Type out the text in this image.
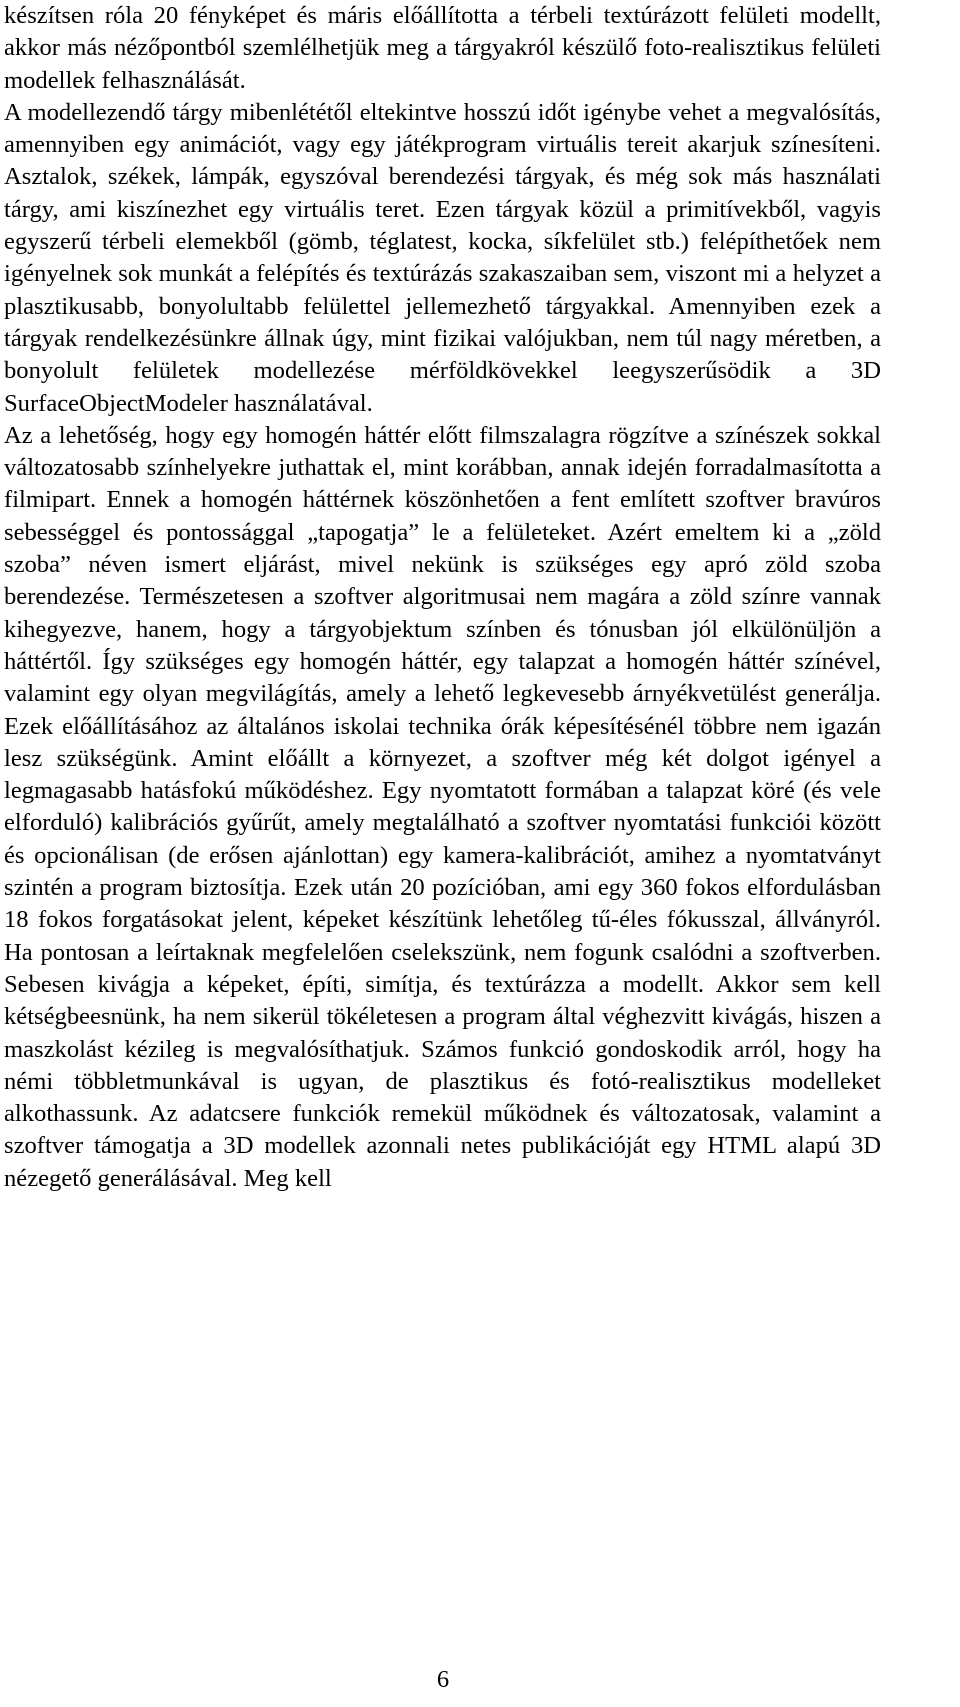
készítsen róla 20 fényképet és máris előállította a térbeli textúrázott felületi modellt, akkor más nézőpontból szemlélhetjük meg a tárgyakról készülő foto-realisztikus felületi modellek felhasználását.

A modellezendő tárgy mibenlététől eltekintve hosszú időt igénybe vehet a megvalósítás, amennyiben egy animációt, vagy egy játékprogram virtuális tereit akarjuk színesíteni. Asztalok, székek, lámpák, egyszóval berendezési tárgyak, és még sok más használati tárgy, ami kiszínezhet egy virtuális teret. Ezen tárgyak közül a primitívekből, vagyis egyszerű térbeli elemekből (gömb, téglatest, kocka, síkfelület stb.) felépíthetőek nem igényelnek sok munkát a felépítés és textúrázás szakaszaiban sem, viszont mi a helyzet a plasztikusabb, bonyolultabb felülettel jellemezhető tárgyakkal. Amennyiben ezek a tárgyak rendelkezésünkre állnak úgy, mint fizikai valójukban, nem túl nagy méretben, a bonyolult felületek modellezése mérföldkövekkel leegyszerűsödik a 3D SurfaceObjectModeler használatával.

Az a lehetőség, hogy egy homogén háttér előtt filmszalagra rögzítve a színészek sokkal változatosabb színhelyekre juthattak el, mint korábban, annak idején forradalmasította a filmipart. Ennek a homogén háttérnek köszönhetően a fent említett szoftver bravúros sebességgel és pontossággal „tapogatja” le a felületeket. Azért emeltem ki a „zöld szoba” néven ismert eljárást, mivel nekünk is szükséges egy apró zöld szoba berendezése. Természetesen a szoftver algoritmusai nem magára a zöld színre vannak kihegyezve, hanem, hogy a tárgyobjektum színben és tónusban jól elkülönüljön a háttértől. Így szükséges egy homogén háttér, egy talapzat a homogén háttér színével, valamint egy olyan megvilágítás, amely a lehető legkevesebb árnyékvetülést generálja. Ezek előállításához az általános iskolai technika órák képesítésénél többre nem igazán lesz szükségünk. Amint előállt a környezet, a szoftver még két dolgot igényel a legmagasabb hatásfokú működéshez. Egy nyomtatott formában a talapzat köré (és vele elforduló) kalibrációs gyűrűt, amely megtalálható a szoftver nyomtatási funkciói között és opcionálisan (de erősen ajánlottan) egy kamera-kalibrációt, amihez a nyomtatványt szintén a program biztosítja. Ezek után 20 pozícióban, ami egy 360 fokos elfordulásban 18 fokos forgatásokat jelent, képeket készítünk lehetőleg tű-éles fókusszal, állványról. Ha pontosan a leírtaknak megfelelően cselekszünk, nem fogunk csalódni a szoftverben. Sebesen kivágja a képeket, építi, simítja, és textúrázza a modellt. Akkor sem kell kétségbeesnünk, ha nem sikerül tökéletesen a program által véghezvitt kivágás, hiszen a maszkolást kézileg is megvalósíthatjuk. Számos funkció gondoskodik arról, hogy ha némi többletmunkával is ugyan, de plasztikus és fotó-realisztikus modelleket alkothassunk. Az adatcsere funkciók remekül működnek és változatosak, valamint a szoftver támogatja a 3D modellek azonnali netes publikációját egy HTML alapú 3D nézegető generálásával. Meg kell

6
